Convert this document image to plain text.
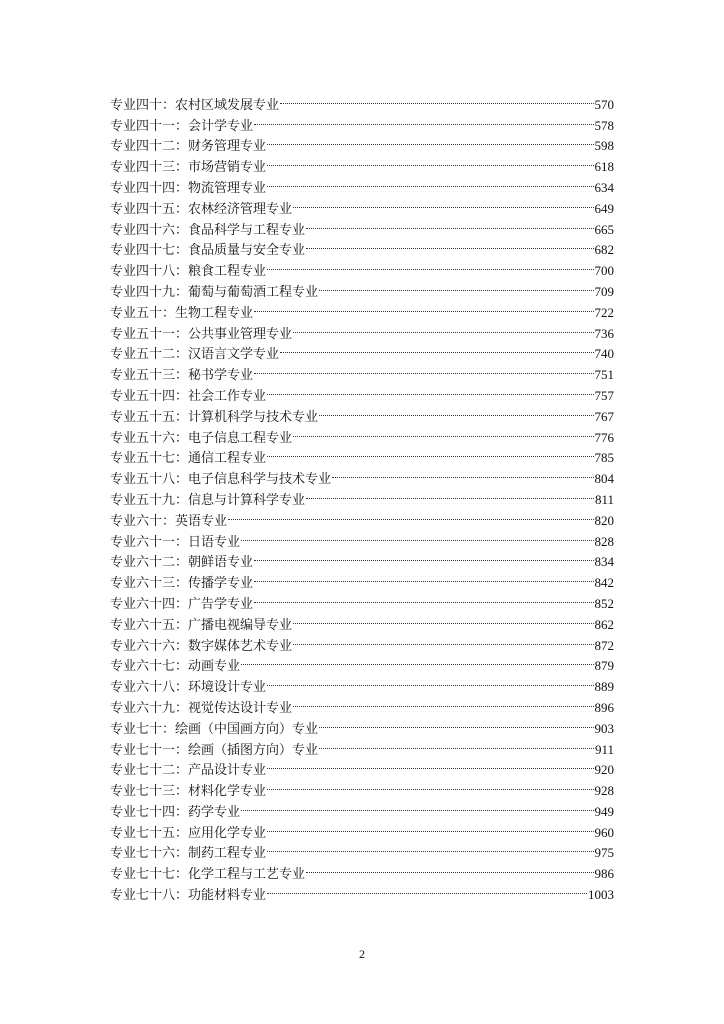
专业四十：农村区域发展专业	570
专业四十一：会计学专业	578
专业四十二：财务管理专业	598
专业四十三：市场营销专业	618
专业四十四：物流管理专业	634
专业四十五：农林经济管理专业	649
专业四十六：食品科学与工程专业	665
专业四十七：食品质量与安全专业	682
专业四十八：粮食工程专业	700
专业四十九：葡萄与葡萄酒工程专业	709
专业五十：生物工程专业	722
专业五十一：公共事业管理专业	736
专业五十二：汉语言文学专业	740
专业五十三：秘书学专业	751
专业五十四：社会工作专业	757
专业五十五：计算机科学与技术专业	767
专业五十六：电子信息工程专业	776
专业五十七：通信工程专业	785
专业五十八：电子信息科学与技术专业	804
专业五十九：信息与计算科学专业	811
专业六十：英语专业	820
专业六十一：日语专业	828
专业六十二：朝鲜语专业	834
专业六十三：传播学专业	842
专业六十四：广告学专业	852
专业六十五：广播电视编导专业	862
专业六十六：数字媒体艺术专业	872
专业六十七：动画专业	879
专业六十八：环境设计专业	889
专业六十九：视觉传达设计专业	896
专业七十：绘画（中国画方向）专业	903
专业七十一：绘画（插图方向）专业	911
专业七十二：产品设计专业	920
专业七十三：材料化学专业	928
专业七十四：药学专业	949
专业七十五：应用化学专业	960
专业七十六：制药工程专业	975
专业七十七：化学工程与工艺专业	986
专业七十八：功能材料专业	1003
2
